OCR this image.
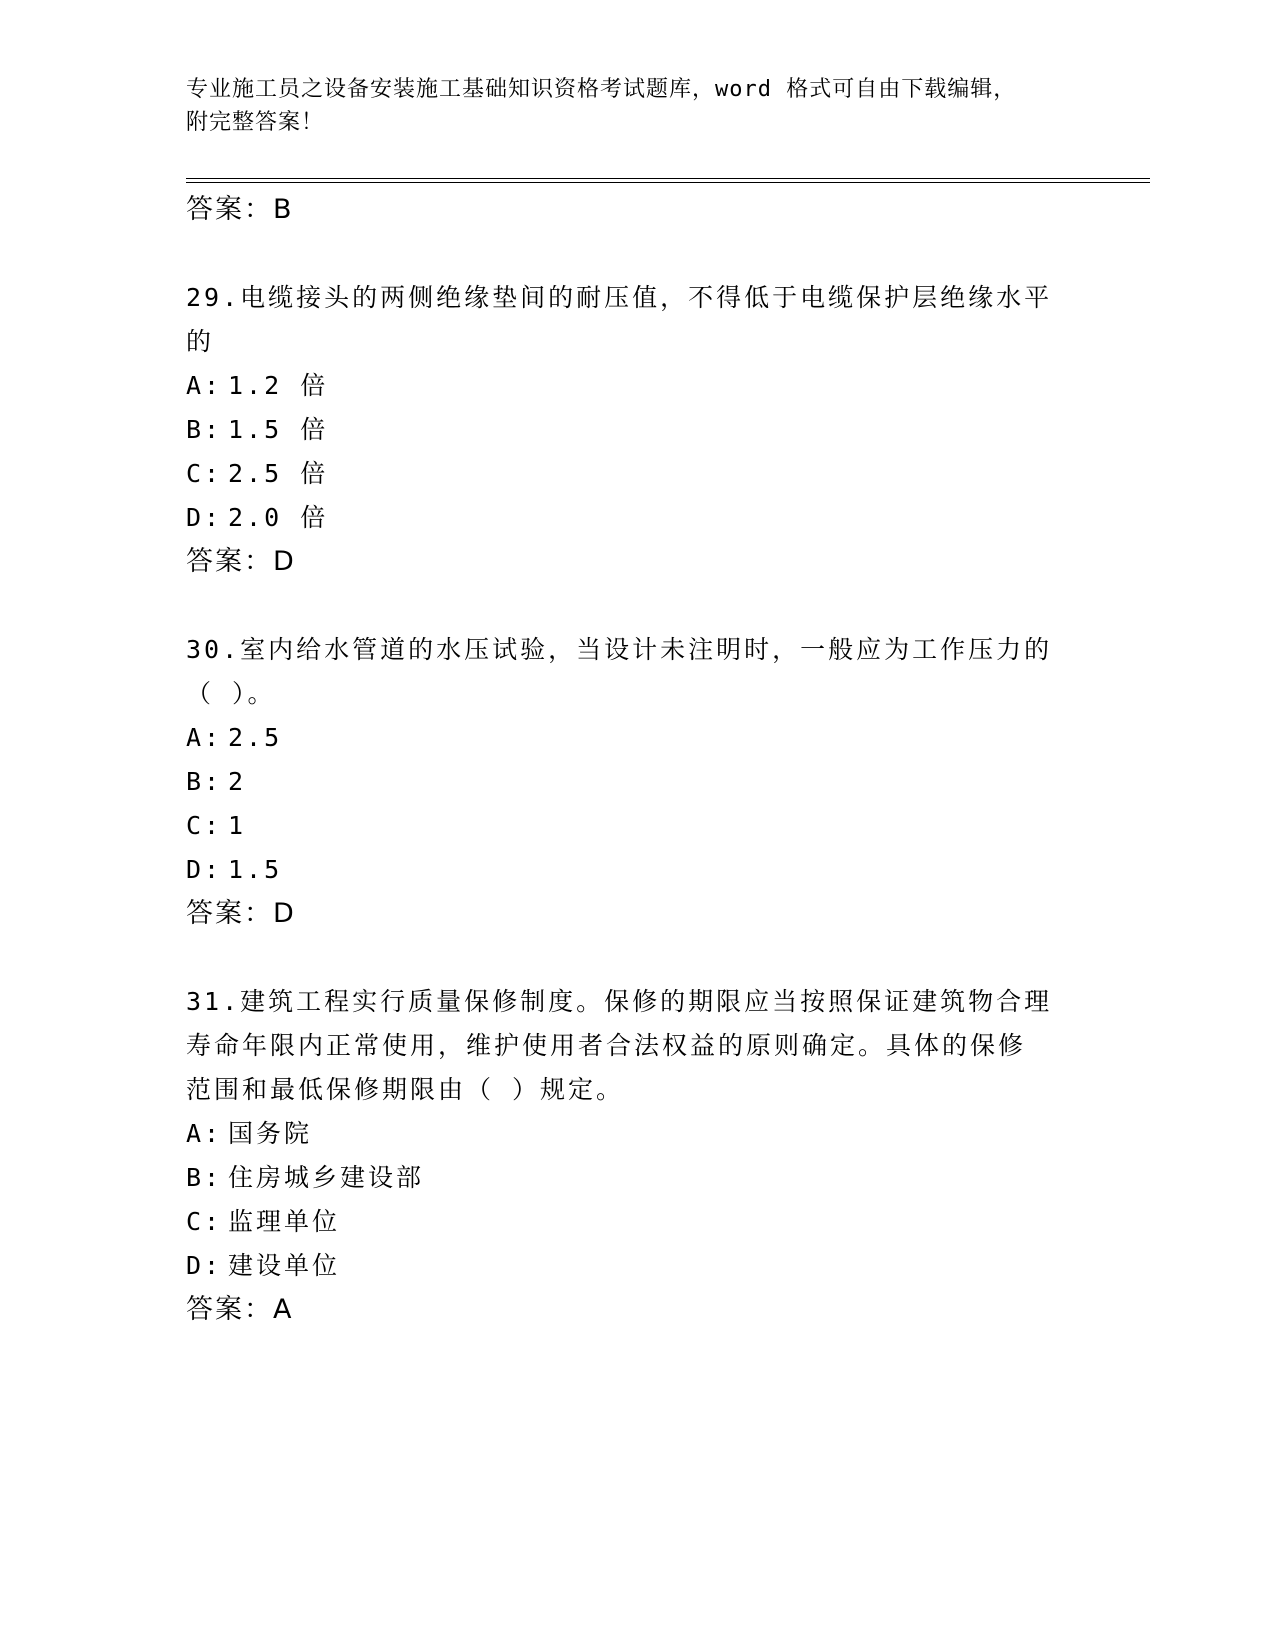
专业施工员之设备安装施工基础知识资格考试题库，word 格式可自由下载编辑，
附完整答案！
答案：B
29.电缆接头的两侧绝缘垫间的耐压值，不得低于电缆保护层绝缘水平
的
A: 1.2 倍
B: 1.5 倍
C: 2.5 倍
D: 2.0 倍
答案：D
30.室内给水管道的水压试验，当设计未注明时，一般应为工作压力的
（ ）。
A: 2.5
B: 2
C: 1
D: 1.5
答案：D
31.建筑工程实行质量保修制度。保修的期限应当按照保证建筑物合理
寿命年限内正常使用，维护使用者合法权益的原则确定。具体的保修
范围和最低保修期限由（ ）规定。
A: 国务院
B: 住房城乡建设部
C: 监理单位
D: 建设单位
答案：A
